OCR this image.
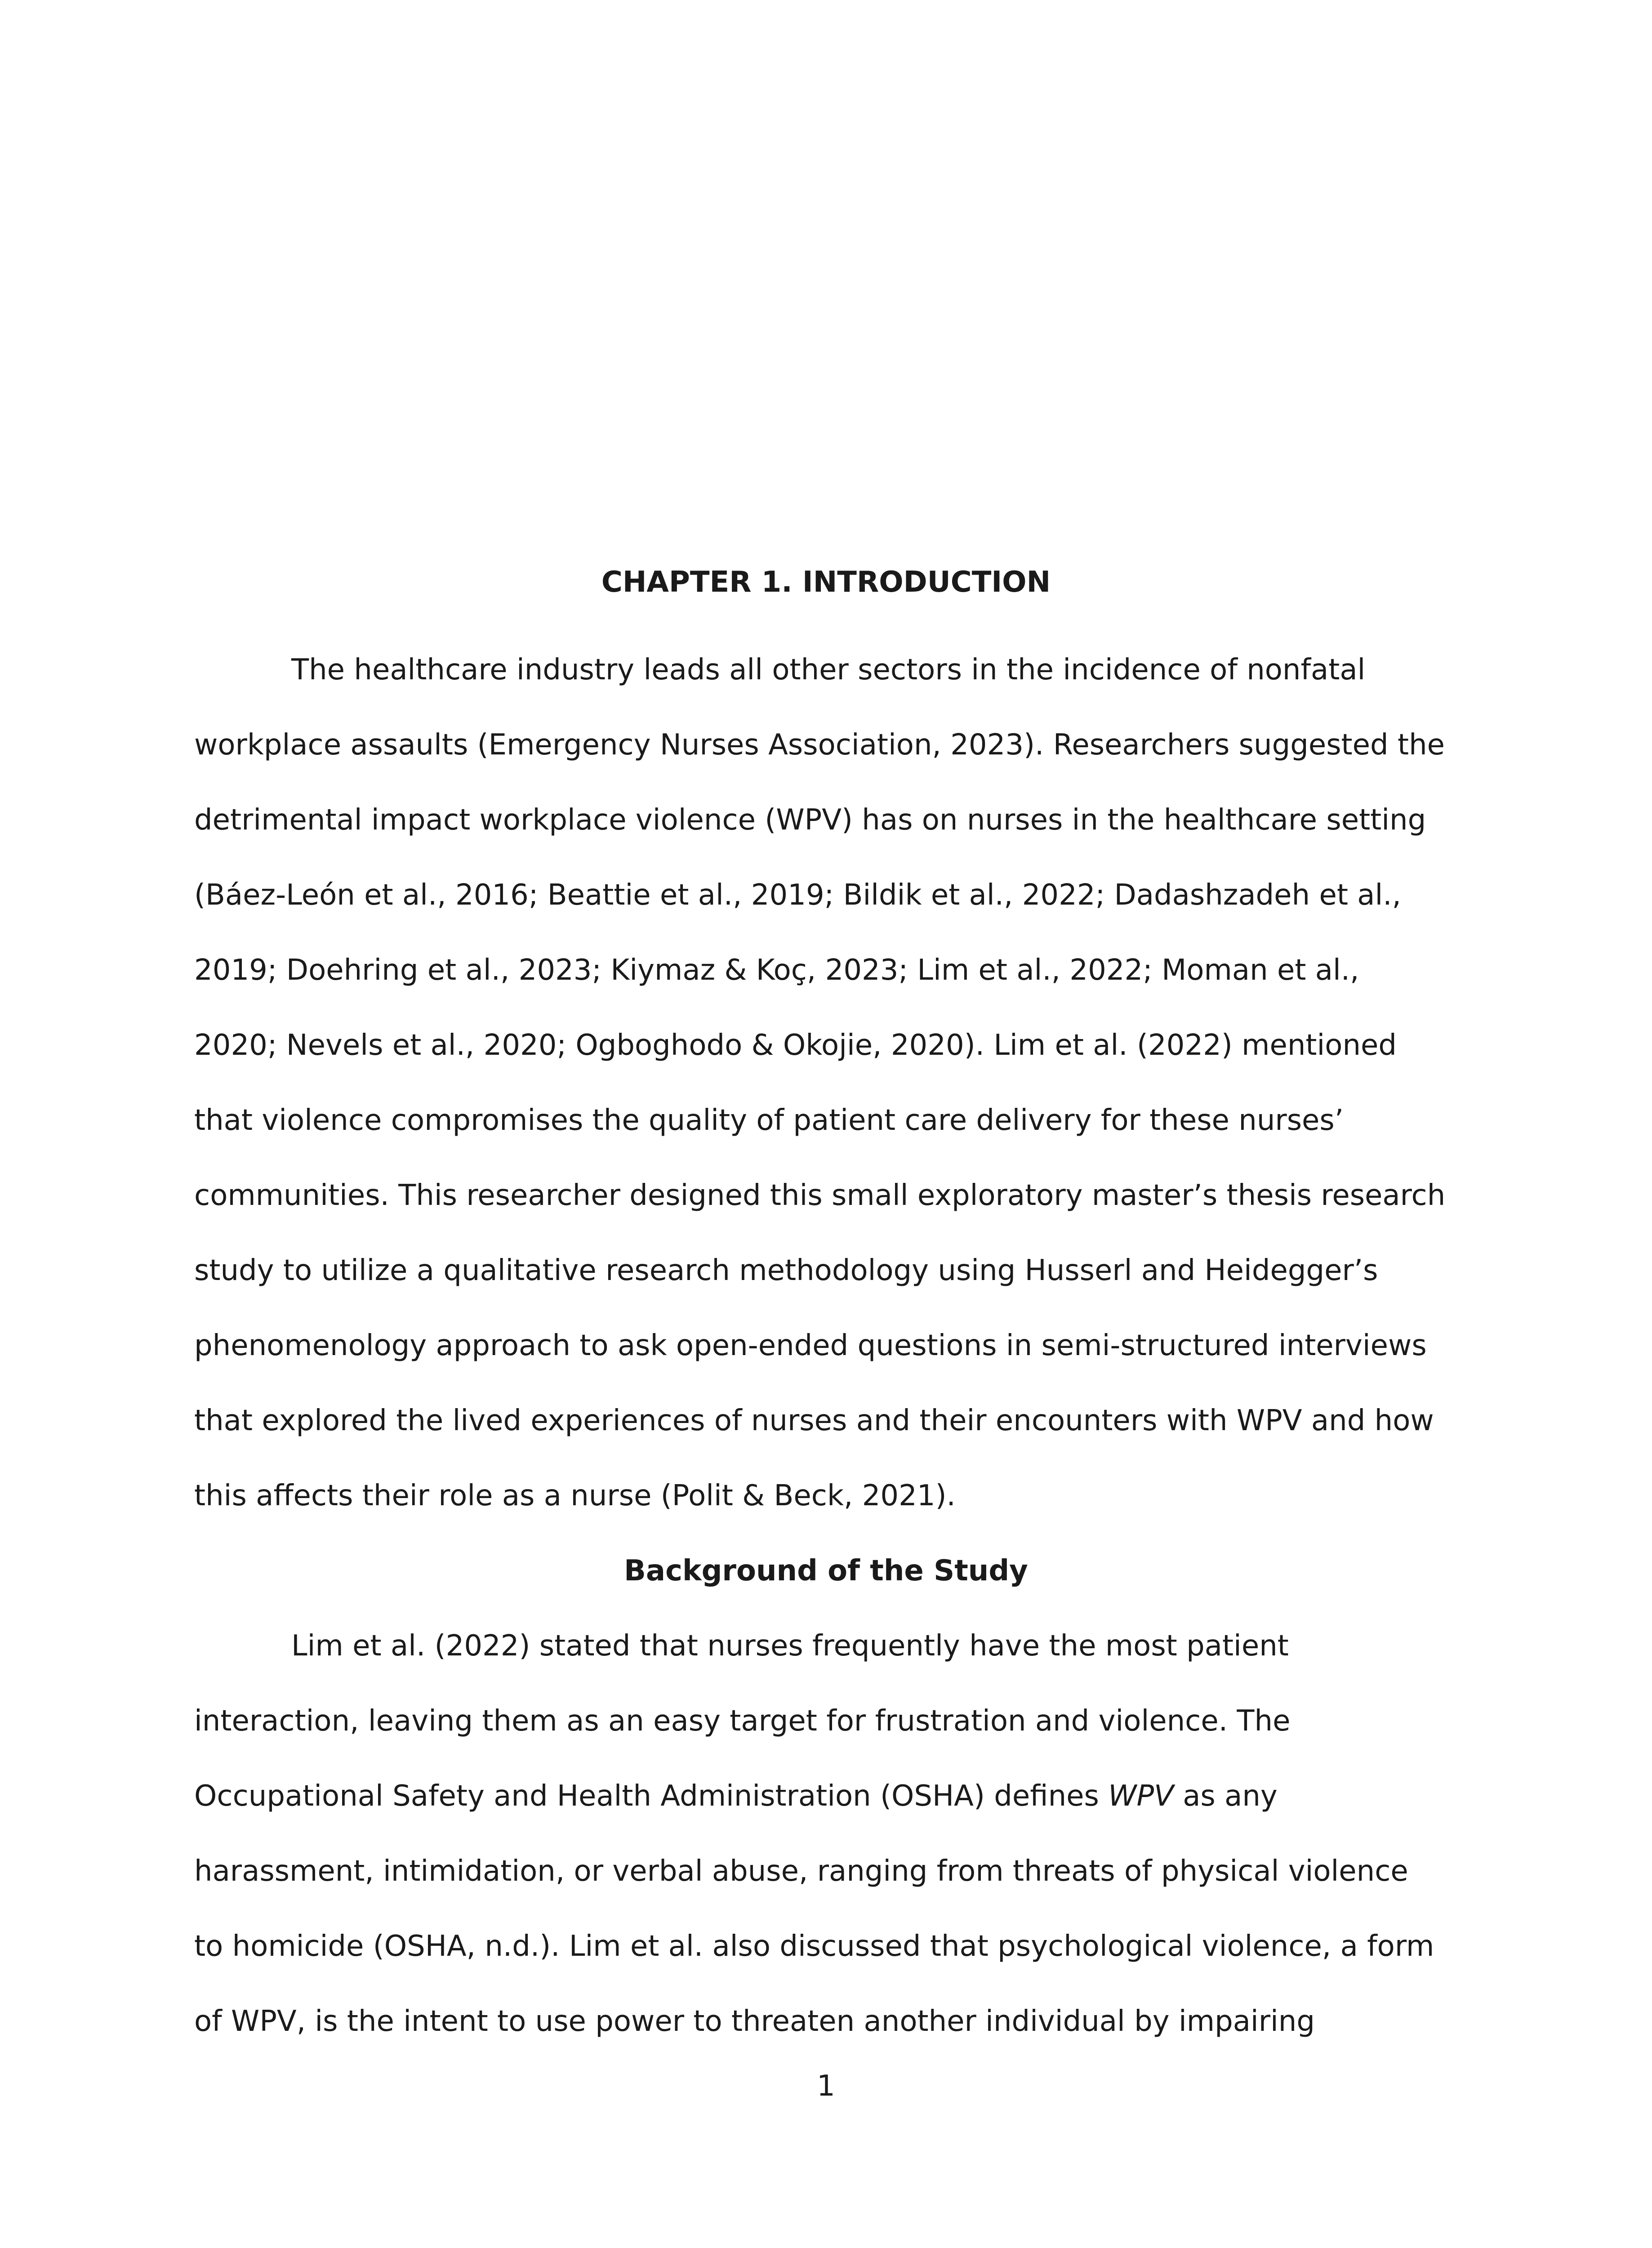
CHAPTER 1. INTRODUCTION
The healthcare industry leads all other sectors in the incidence of nonfatal
workplace assaults (Emergency Nurses Association, 2023). Researchers suggested the
detrimental impact workplace violence (WPV) has on nurses in the healthcare setting
(Báez-León et al., 2016; Beattie et al., 2019; Bildik et al., 2022; Dadashzadeh et al.,
2019; Doehring et al., 2023; Kiymaz & Koç, 2023; Lim et al., 2022; Moman et al.,
2020; Nevels et al., 2020; Ogboghodo & Okojie, 2020). Lim et al. (2022) mentioned
that violence compromises the quality of patient care delivery for these nurses’
communities. This researcher designed this small exploratory master’s thesis research
study to utilize a qualitative research methodology using Husserl and Heidegger’s
phenomenology approach to ask open-ended questions in semi-structured interviews
that explored the lived experiences of nurses and their encounters with WPV and how
this affects their role as a nurse (Polit & Beck, 2021).
Background of the Study
Lim et al. (2022) stated that nurses frequently have the most patient
interaction, leaving them as an easy target for frustration and violence. The
Occupational Safety and Health Administration (OSHA) defines WPV as any
harassment, intimidation, or verbal abuse, ranging from threats of physical violence
to homicide (OSHA, n.d.). Lim et al. also discussed that psychological violence, a form
of WPV, is the intent to use power to threaten another individual by impairing
1
